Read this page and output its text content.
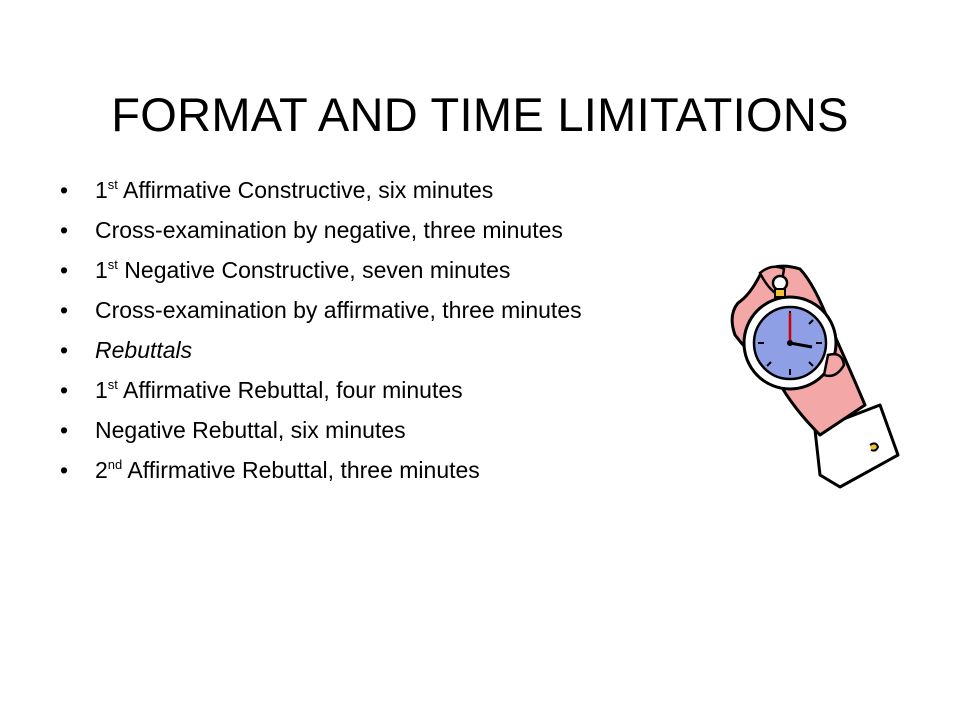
FORMAT AND TIME LIMITATIONS
•	1st Affirmative Constructive, six minutes
•	Cross-examination by negative, three minutes
•	1st Negative Constructive, seven minutes
•	Cross-examination by affirmative, three minutes
•	Rebuttals
•	1st Affirmative Rebuttal, four minutes
•	Negative Rebuttal, six minutes
•	2nd Affirmative Rebuttal, three minutes
